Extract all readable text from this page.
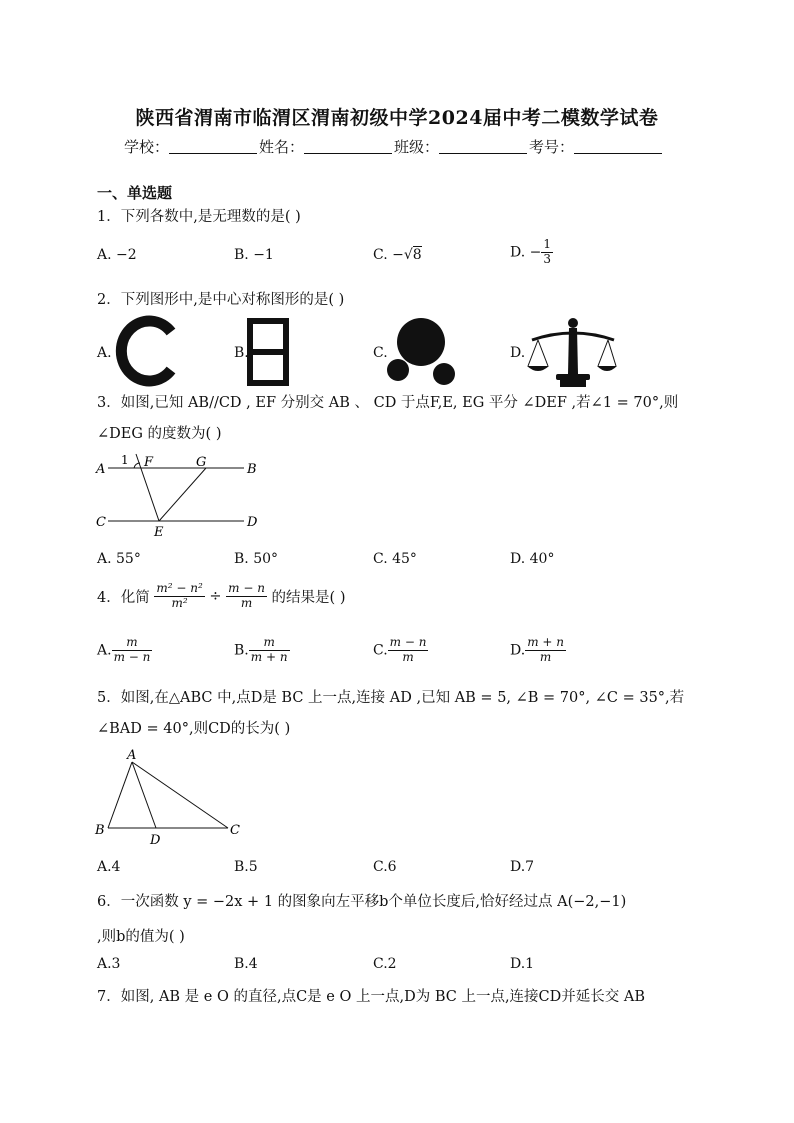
陕西省渭南市临渭区渭南初级中学2024届中考二模数学试卷
学校：	姓名：	班级：	考号：
一、单选题
1．下列各数中,是无理数的是( )
A. −2	B. −1	C. −√8	D. − $\frac{1}{3}$
2．下列图形中,是中心对称图形的是( )
A.	B.	C.	D.
3．如图,已知 AB//CD , EF 分别交 AB 、 CD 于点F,E, EG 平分 ∠DEF ,若∠1 = 70°,则
∠DEG 的度数为( )
A	B
C	D
E
F	G
1
A. 55°	B. 50°	C. 45°	D. 40°
4．化简 $\frac{\text{m² − n²}}{\text{m²}} \div \frac{m - n}{m}$ 的结果是( )
A. $\frac{m}{m - n}$	B. $\frac{m}{m + n}$	C. $\frac{m - n}{m}$	D. $\frac{m + n}{m}$
5．如图,在△ABC 中,点D是 BC 上一点,连接 AD ,已知 AB = 5, ∠B = 70°, ∠C = 35°,若
∠BAD = 40°,则CD的长为( )
A
B	C
D
A.4	B.5	C.6	D.7
6．一次函数 y = −2x + 1 的图象向左平移b个单位长度后,恰好经过点 A(−2,−1)
,则b的值为( )
A.3	B.4	C.2	D.1
7．如图, AB 是 e O 的直径,点C是 e O 上一点,D为 BC 上一点,连接CD并延长交 AB
